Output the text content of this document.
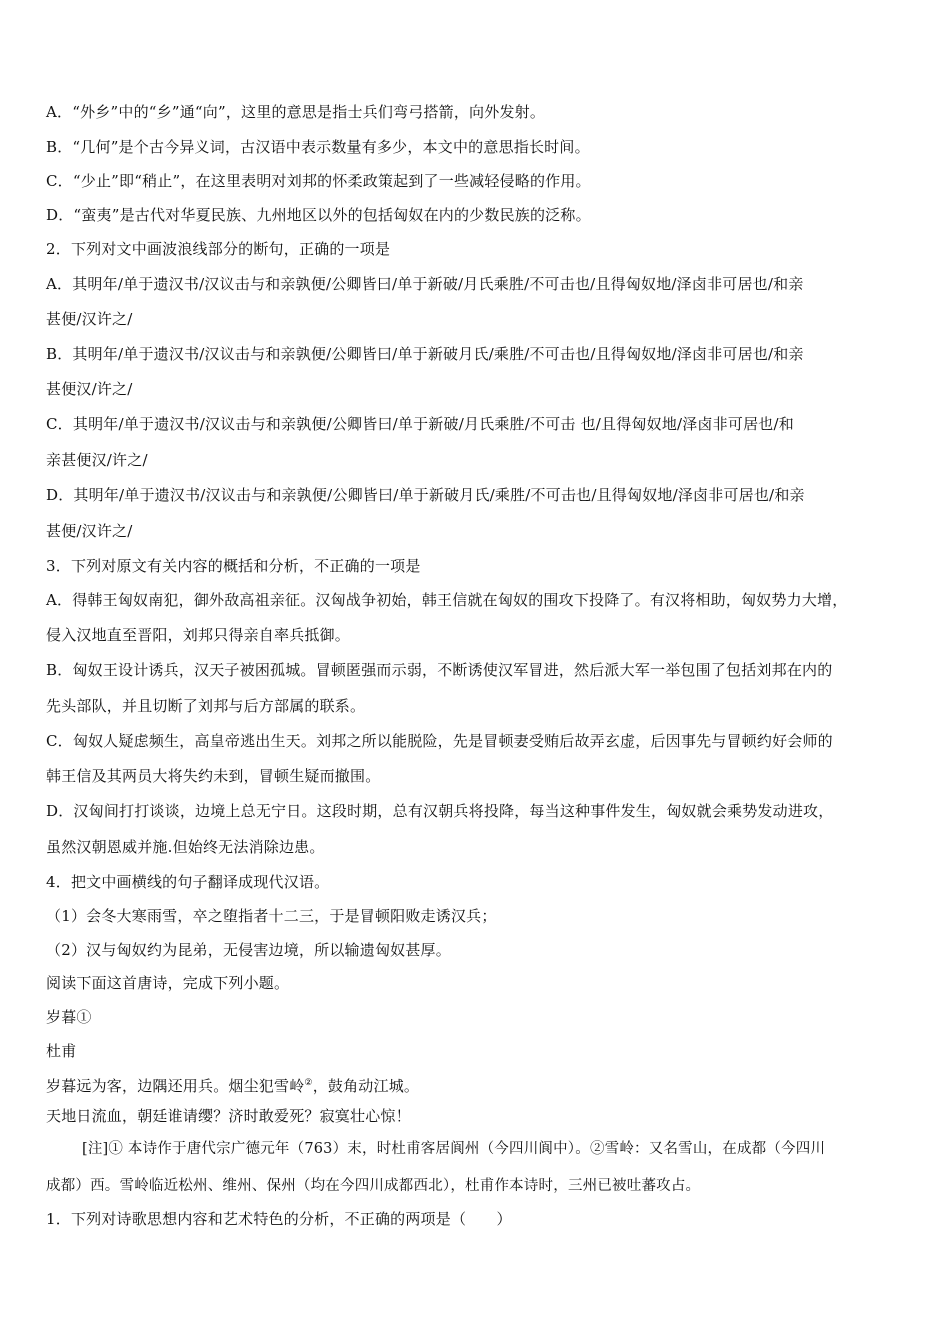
A．“外乡”中的“乡”通“向”，这里的意思是指士兵们弯弓搭箭，向外发射。
B．“几何”是个古今异义词，古汉语中表示数量有多少，本文中的意思指长时间。
C．“少止”即“稍止”，在这里表明对刘邦的怀柔政策起到了一些减轻侵略的作用。
D．“蛮夷”是古代对华夏民族、九州地区以外的包括匈奴在内的少数民族的泛称。
2．下列对文中画波浪线部分的断句，正确的一项是
A．其明年/单于遗汉书/汉议击与和亲孰便/公卿皆曰/单于新破/月氏乘胜/不可击也/且得匈奴地/泽卤非可居也/和亲
甚便/汉许之/
B．其明年/单于遗汉书/汉议击与和亲孰便/公卿皆曰/单于新破月氏/乘胜/不可击也/且得匈奴地/泽卤非可居也/和亲
甚便汉/许之/
C．其明年/单于遗汉书/汉议击与和亲孰便/公卿皆曰/单于新破/月氏乘胜/不可击 也/且得匈奴地/泽卤非可居也/和
亲甚便汉/许之/
D．其明年/单于遗汉书/汉议击与和亲孰便/公卿皆曰/单于新破月氏/乘胜/不可击也/且得匈奴地/泽卤非可居也/和亲
甚便/汉许之/
3．下列对原文有关内容的概括和分析，不正确的一项是
A．得韩王匈奴南犯，御外敌高祖亲征。汉匈战争初始，韩王信就在匈奴的围攻下投降了。有汉将相助，匈奴势力大增，
侵入汉地直至晋阳，刘邦只得亲自率兵抵御。
B．匈奴王设计诱兵，汉天子被困孤城。冒顿匿强而示弱，不断诱使汉军冒进，然后派大军一举包围了包括刘邦在内的
先头部队，并且切断了刘邦与后方部属的联系。
C．匈奴人疑虑频生，高皇帝逃出生天。刘邦之所以能脱险，先是冒顿妻受贿后故弄玄虚，后因事先与冒顿约好会师的
韩王信及其两员大将失约未到，冒顿生疑而撤围。
D．汉匈间打打谈谈，边境上总无宁日。这段时期，总有汉朝兵将投降，每当这种事件发生，匈奴就会乘势发动进攻，
虽然汉朝恩威并施.但始终无法消除边患。
4．把文中画横线的句子翻译成现代汉语。
（1）会冬大寒雨雪，卒之堕指者十二三，于是冒顿阳败走诱汉兵；
（2）汉与匈奴约为昆弟，无侵害边境，所以输遗匈奴甚厚。
阅读下面这首唐诗，完成下列小题。
岁暮①
杜甫
岁暮远为客，边隅还用兵。烟尘犯雪岭②，鼓角动江城。
天地日流血，朝廷谁请缨？济时敢爱死？寂寞壮心惊！
[注]① 本诗作于唐代宗广德元年（763）末，时杜甫客居阆州（今四川阆中）。②雪岭：又名雪山，在成都（今四川
成都）西。雪岭临近松州、维州、保州（均在今四川成都西北），杜甫作本诗时，三州已被吐蕃攻占。
1．下列对诗歌思想内容和艺术特色的分析，不正确的两项是（　　）
